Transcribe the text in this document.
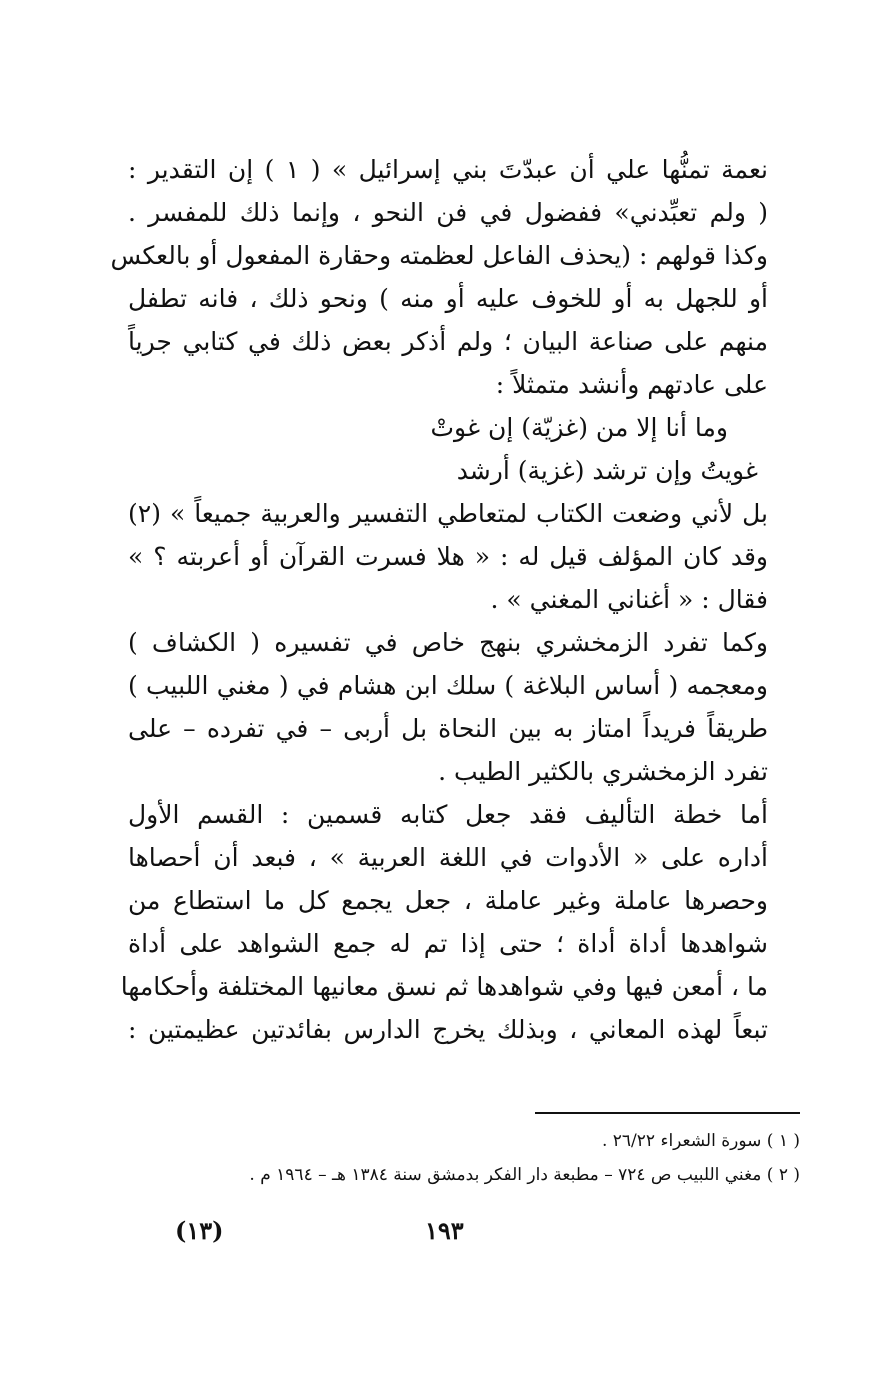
نعمة تمنُّها علي أن عبدّتَ بني إسرائيل » ( ١ ) إن التقدير :
( ولم تعبِّدني» ففضول في فن النحو ، وإنما ذلك للمفسر .
وكذا قولهم : (يحذف الفاعل لعظمته وحقارة المفعول أو بالعكس
أو للجهل به أو للخوف عليه أو منه ) ونحو ذلك ، فانه تطفل
منهم على صناعة البيان ؛ ولم أذكر بعض ذلك في كتابي جرياً
على عادتهم وأنشد متمثلاً :
وما أنا إلا من (غزيّة) إن غوتْ
غويتُ وإن ترشد (غزية) أرشد
بل لأني وضعت الكتاب لمتعاطي التفسير والعربية جميعاً » (٢)
وقد كان المؤلف قيل له : « هلا فسرت القرآن أو أعربته ؟ »
فقال : « أغناني المغني » .
وكما تفرد الزمخشري بنهج خاص في تفسيره ( الكشاف )
ومعجمه ( أساس البلاغة ) سلك ابن هشام في ( مغني اللبيب )
طريقاً فريداً امتاز به بين النحاة بل أربى – في تفرده – على
تفرد الزمخشري بالكثير الطيب .
أما خطة التأليف فقد جعل كتابه قسمين : القسم الأول
أداره على « الأدوات في اللغة العربية » ، فبعد أن أحصاها
وحصرها عاملة وغير عاملة ، جعل يجمع كل ما استطاع من
شواهدها أداة أداة ؛ حتى إذا تم له جمع الشواهد على أداة
ما ، أمعن فيها وفي شواهدها ثم نسق معانيها المختلفة وأحكامها
تبعاً لهذه المعاني ، وبذلك يخرج الدارس بفائدتين عظيمتين :
( ١ ) سورة الشعراء ٢٦/٢٢ .
( ٢ ) مغني اللبيب ص ٧٢٤ – مطبعة دار الفكر بدمشق سنة ١٣٨٤ هـ – ١٩٦٤ م .
١٩٣
(١٣)
